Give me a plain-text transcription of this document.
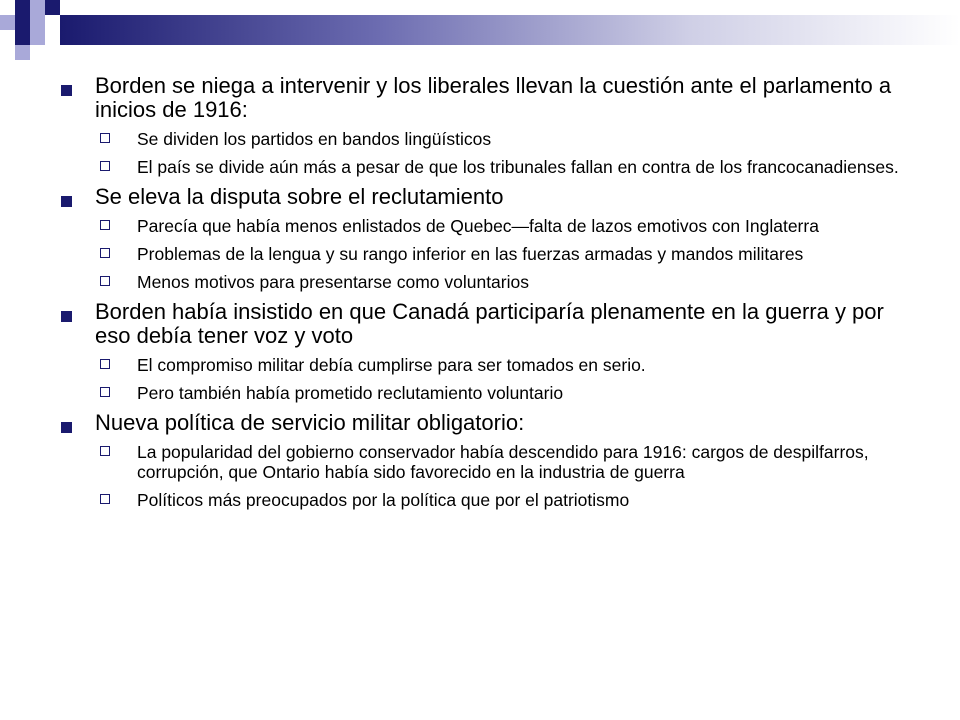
Borden se niega a intervenir y los liberales llevan la cuestión ante el parlamento a inicios de 1916:
Se dividen los partidos en bandos lingüísticos
El país se divide aún más a pesar de que los tribunales fallan en contra de los francocanadienses.
Se eleva la disputa sobre el reclutamiento
Parecía que había menos enlistados de Quebec—falta de lazos emotivos con Inglaterra
Problemas de la lengua y su rango inferior en las fuerzas armadas y mandos militares
Menos motivos para presentarse como voluntarios
Borden había insistido en que Canadá participaría plenamente en la guerra y por eso debía tener voz y voto
El compromiso militar debía cumplirse para ser tomados en serio.
Pero también había prometido reclutamiento voluntario
Nueva política de servicio militar obligatorio:
La popularidad del gobierno conservador había descendido para 1916: cargos de despilfarros, corrupción, que Ontario había sido favorecido en la industria de guerra
Políticos más preocupados por la política que por el patriotismo
